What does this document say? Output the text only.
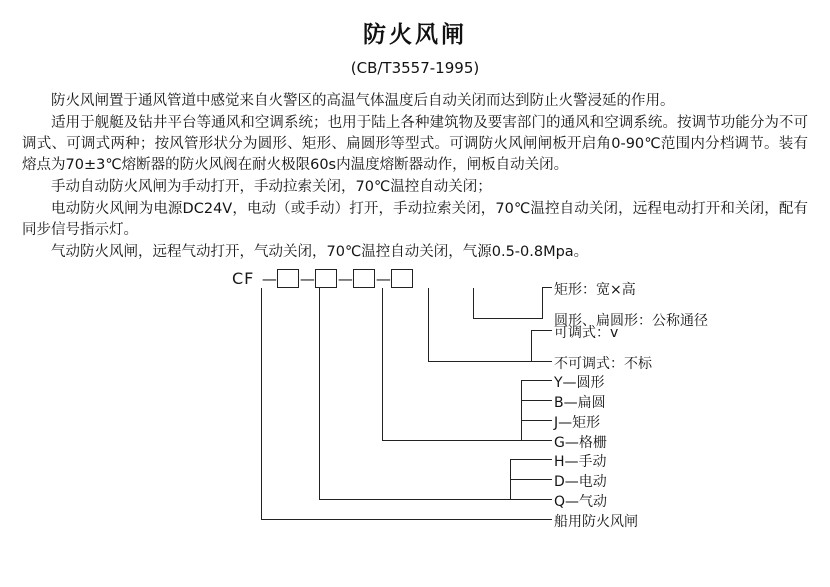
防火风闸
(CB/T3557-1995)

防火风闸置于通风管道中感觉来自火警区的高温气体温度后自动关闭而达到防止火警浸延的作用。

适用于舰艇及钻井平台等通风和空调系统；也用于陆上各种建筑物及要害部门的通风和空调系统。按调节功能分为不可调式、可调式两种；按风管形状分为圆形、矩形、扁圆形等型式。可调防火风闸闸板开启角0-90℃范围内分档调节。装有熔点为70±3℃熔断器的防火风阀在耐火极限60s内温度熔断器动作，闸板自动关闭。

手动自动防火风闸为手动打开，手动拉索关闭，70℃温控自动关闭；

电动防火风闸为电源DC24V，电动（或手动）打开，手动拉索关闭，70℃温控自动关闭，远程电动打开和关闭，配有同步信号指示灯。

气动防火风闸，远程气动打开，气动关闭，70℃温控自动关闭，气源0.5-0.8Mpa。

CF — — — —
矩形：宽×高
圆形、扁圆形：公称通径
可调式：v
不可调式：不标
Y—圆形
B—扁圆
J—矩形
G—格栅
H—手动
D—电动
Q—气动
船用防火风闸
